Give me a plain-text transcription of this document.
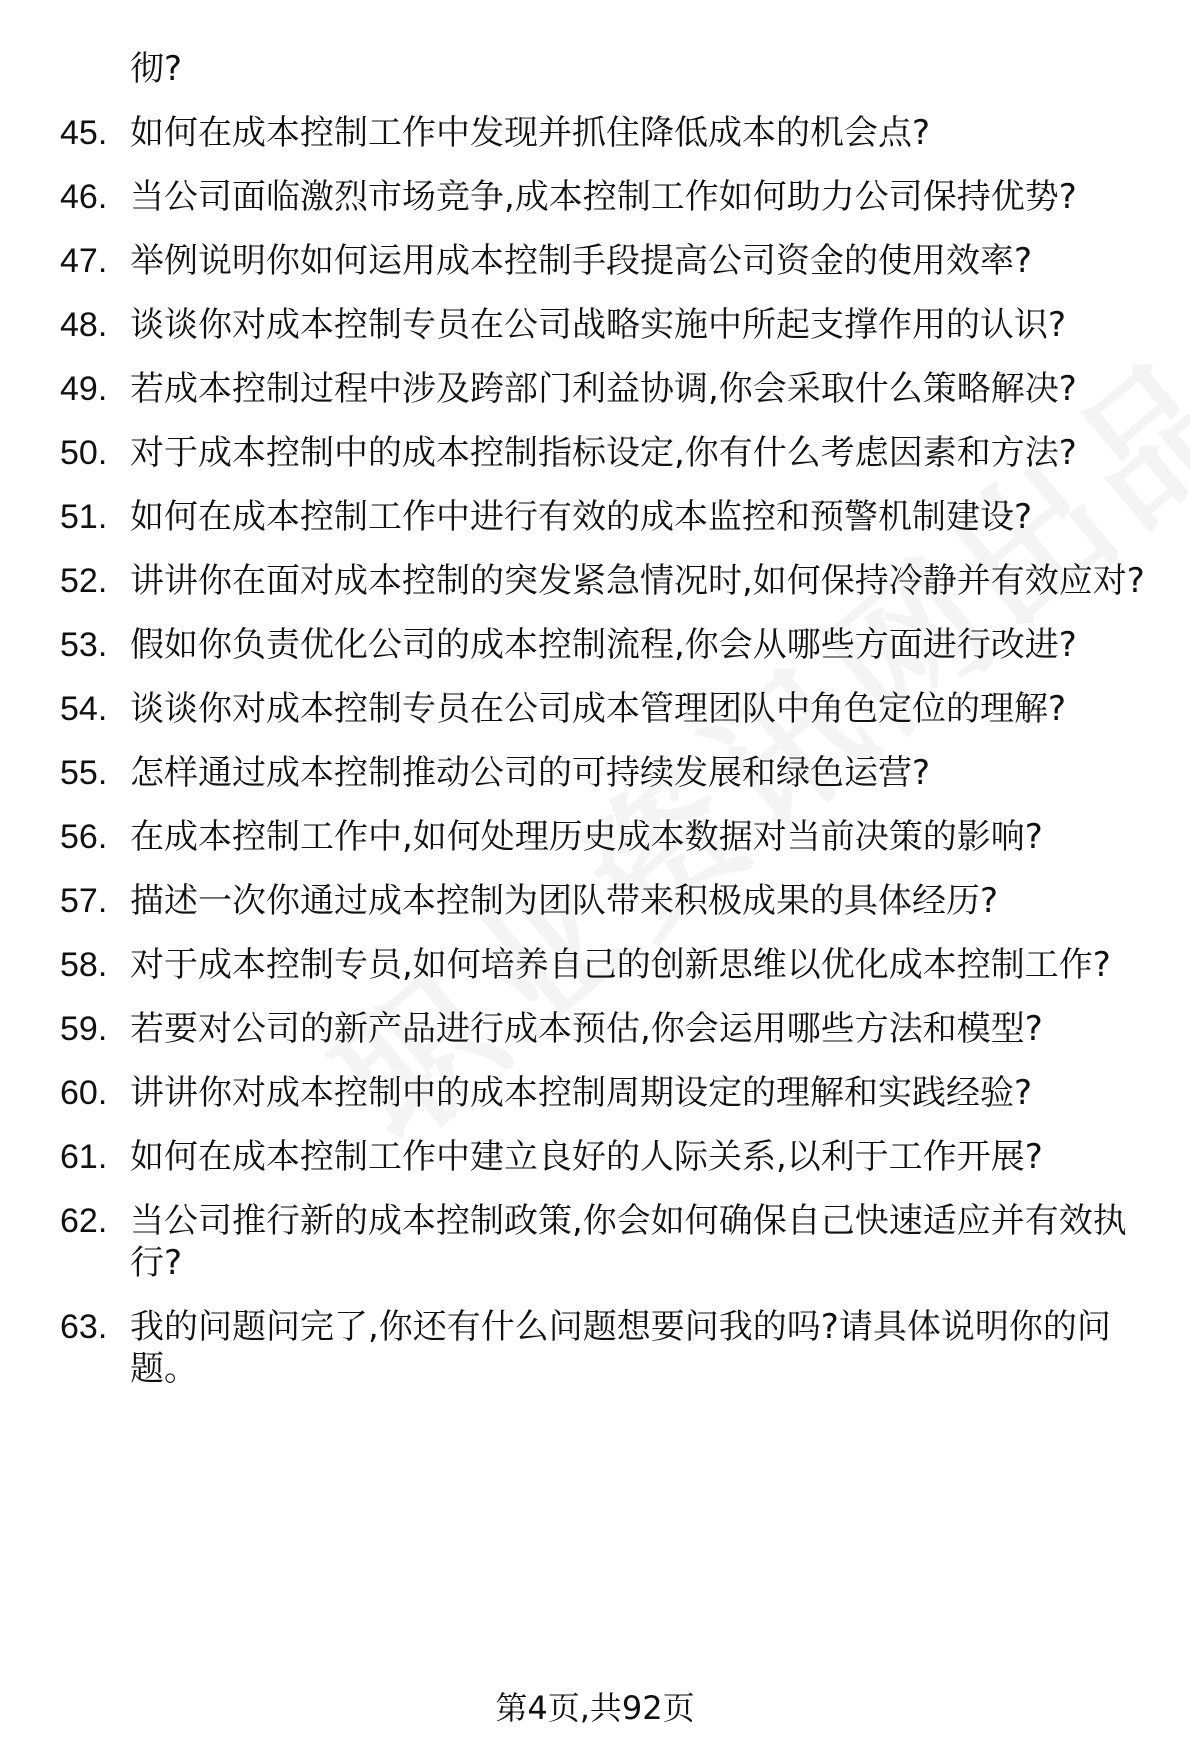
彻?
45. 如何在成本控制工作中发现并抓住降低成本的机会点?
46. 当公司面临激烈市场竞争,成本控制工作如何助力公司保持优势?
47. 举例说明你如何运用成本控制手段提高公司资金的使用效率?
48. 谈谈你对成本控制专员在公司战略实施中所起支撑作用的认识?
49. 若成本控制过程中涉及跨部门利益协调,你会采取什么策略解决?
50. 对于成本控制中的成本控制指标设定,你有什么考虑因素和方法?
51. 如何在成本控制工作中进行有效的成本监控和预警机制建设?
52. 讲讲你在面对成本控制的突发紧急情况时,如何保持冷静并有效应对?
53. 假如你负责优化公司的成本控制流程,你会从哪些方面进行改进?
54. 谈谈你对成本控制专员在公司成本管理团队中角色定位的理解?
55. 怎样通过成本控制推动公司的可持续发展和绿色运营?
56. 在成本控制工作中,如何处理历史成本数据对当前决策的影响?
57. 描述一次你通过成本控制为团队带来积极成果的具体经历?
58. 对于成本控制专员,如何培养自己的创新思维以优化成本控制工作?
59. 若要对公司的新产品进行成本预估,你会运用哪些方法和模型?
60. 讲讲你对成本控制中的成本控制周期设定的理解和实践经验?
61. 如何在成本控制工作中建立良好的人际关系,以利于工作开展?
62. 当公司推行新的成本控制政策,你会如何确保自己快速适应并有效执行?
63. 我的问题问完了,你还有什么问题想要问我的吗?请具体说明你的问题。
第4页,共92页
